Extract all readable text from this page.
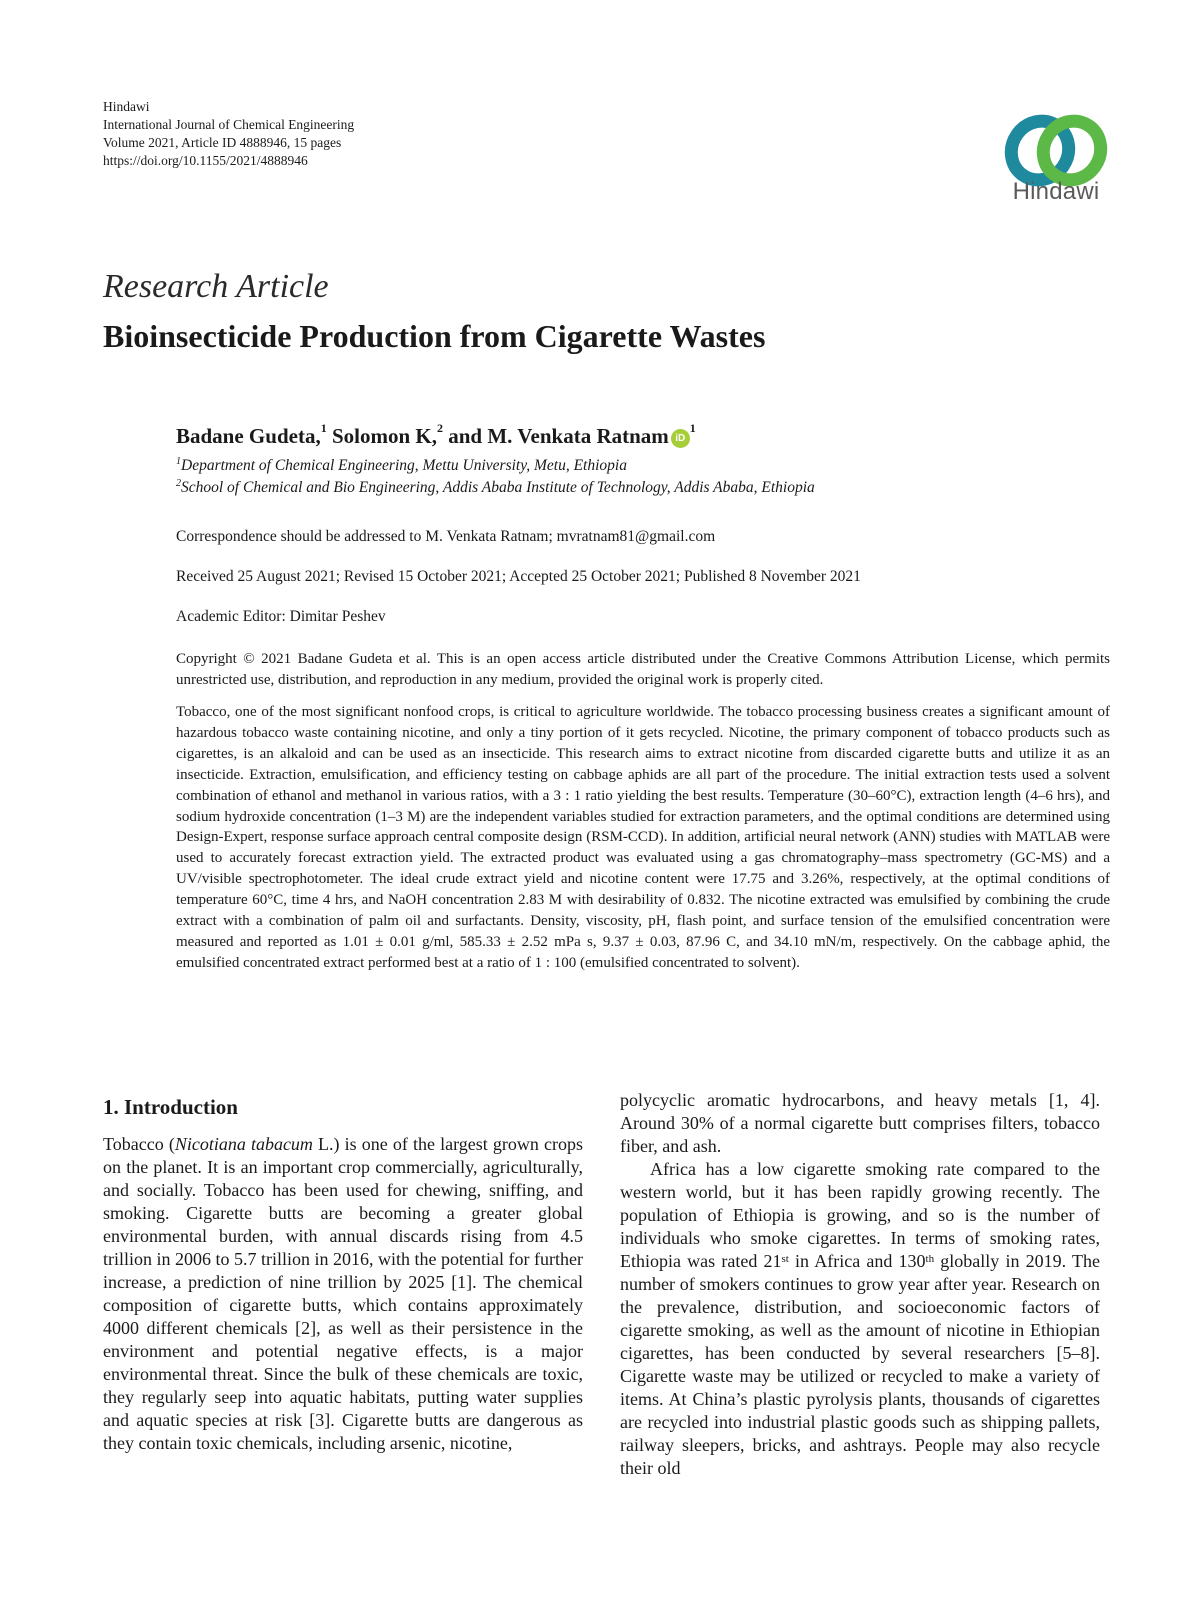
Hindawi
International Journal of Chemical Engineering
Volume 2021, Article ID 4888946, 15 pages
https://doi.org/10.1155/2021/4888946
Hindawi
Research Article
Bioinsecticide Production from Cigarette Wastes
Badane Gudeta,$^1$ Solomon K,$^2$ and M. Venkata Ratnam $iD^1$
$^1$Department of Chemical Engineering, Mettu University, Metu, Ethiopia
$^2$School of Chemical and Bio Engineering, Addis Ababa Institute of Technology, Addis Ababa, Ethiopia
Correspondence should be addressed to M. Venkata Ratnam; mvratnam81@gmail.com
Received 25 August 2021; Revised 15 October 2021; Accepted 25 October 2021; Published 8 November 2021
Academic Editor: Dimitar Peshev
Copyright © 2021 Badane Gudeta et al. This is an open access article distributed under the Creative Commons Attribution License, which permits unrestricted use, distribution, and reproduction in any medium, provided the original work is properly cited.
Tobacco, one of the most significant nonfood crops, is critical to agriculture worldwide. The tobacco processing business creates a significant amount of hazardous tobacco waste containing nicotine, and only a tiny portion of it gets recycled. Nicotine, the primary component of tobacco products such as cigarettes, is an alkaloid and can be used as an insecticide. This research aims to extract nicotine from discarded cigarette butts and utilize it as an insecticide. Extraction, emulsification, and efficiency testing on cabbage aphids are all part of the procedure. The initial extraction tests used a solvent combination of ethanol and methanol in various ratios, with a 3 : 1 ratio yielding the best results. Temperature (30–60°C), extraction length (4–6 hrs), and sodium hydroxide concentration (1–3 M) are the independent variables studied for extraction parameters, and the optimal conditions are determined using Design-Expert, response surface approach central composite design (RSM-CCD). In addition, artificial neural network (ANN) studies with MATLAB were used to accurately forecast extraction yield. The extracted product was evaluated using a gas chromatography–mass spectrometry (GC-MS) and a UV/visible spectrophotometer. The ideal crude extract yield and nicotine content were 17.75 and 3.26%, respectively, at the optimal conditions of temperature 60°C, time 4 hrs, and NaOH concentration 2.83 M with desirability of 0.832. The nicotine extracted was emulsified by combining the crude extract with a combination of palm oil and surfactants. Density, viscosity, pH, flash point, and surface tension of the emulsified concentration were measured and reported as 1.01 ± 0.01 g/ml, 585.33 ± 2.52 mPa s, 9.37 ± 0.03, 87.96 C, and 34.10 mN/m, respectively. On the cabbage aphid, the emulsified concentrated extract performed best at a ratio of 1 : 100 (emulsified concentrated to solvent).
1. Introduction

Tobacco (Nicotiana tabacum L.) is one of the largest grown crops on the planet. It is an important crop commercially, agriculturally, and socially. Tobacco has been used for chewing, sniffing, and smoking. Cigarette butts are becoming a greater global environmental burden, with annual discards rising from 4.5 trillion in 2006 to 5.7 trillion in 2016, with the potential for further increase, a prediction of nine trillion by 2025 [1]. The chemical composition of cigarette butts, which contains approximately 4000 different chemicals [2], as well as their persistence in the environment and potential negative effects, is a major environmental threat. Since the bulk of these chemicals are toxic, they regularly seep into aquatic habitats, putting water supplies and aquatic species at risk [3]. Cigarette butts are dangerous as they contain toxic chemicals, including arsenic, nicotine,

polycyclic aromatic hydrocarbons, and heavy metals [1, 4]. Around 30% of a normal cigarette butt comprises filters, tobacco fiber, and ash.

Africa has a low cigarette smoking rate compared to the western world, but it has been rapidly growing recently. The population of Ethiopia is growing, and so is the number of individuals who smoke cigarettes. In terms of smoking rates, Ethiopia was rated 21st in Africa and 130th globally in 2019. The number of smokers continues to grow year after year. Research on the prevalence, distribution, and socioeconomic factors of cigarette smoking, as well as the amount of nicotine in Ethiopian cigarettes, has been conducted by several researchers [5–8]. Cigarette waste may be utilized or recycled to make a variety of items. At China’s plastic pyrolysis plants, thousands of cigarettes are recycled into industrial plastic goods such as shipping pallets, railway sleepers, bricks, and ashtrays. People may also recycle their old
